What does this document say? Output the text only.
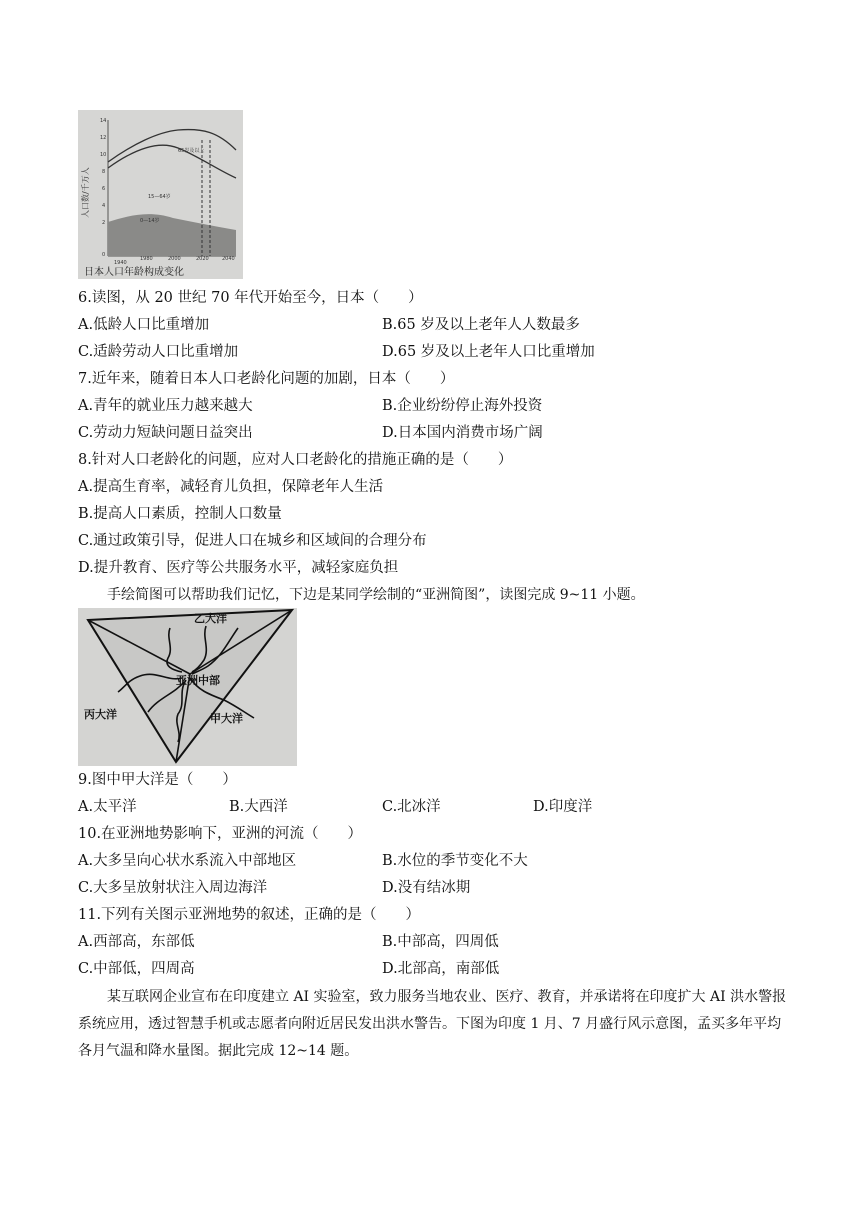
14
12
10
8
6
4
2
0
1940
1980	2000	2020	2040
65岁及以上
15—64岁
0—14岁
人口数/千万人
日本人口年龄构成变化
6.读图，从 20 世纪 70 年代开始至今，日本（　　）
A.低龄人口比重增加	B.65 岁及以上老年人人数最多
C.适龄劳动人口比重增加	D.65 岁及以上老年人口比重增加
7.近年来，随着日本人口老龄化问题的加剧，日本（　　）
A.青年的就业压力越来越大	B.企业纷纷停止海外投资
C.劳动力短缺问题日益突出	D.日本国内消费市场广阔
8.针对人口老龄化的问题，应对人口老龄化的措施正确的是（　　）
A.提高生育率，减轻育儿负担，保障老年人生活
B.提高人口素质，控制人口数量
C.通过政策引导，促进人口在城乡和区域间的合理分布
D.提升教育、医疗等公共服务水平，减轻家庭负担
手绘简图可以帮助我们记忆，下边是某同学绘制的“亚洲简图”，读图完成 9~11 小题。
乙大洋
亚洲中部
丙大洋	甲大洋
9.图中甲大洋是（　　）
A.太平洋	B.大西洋	C.北冰洋	D.印度洋
10.在亚洲地势影响下，亚洲的河流（　　）
A.大多呈向心状水系流入中部地区	B.水位的季节变化不大
C.大多呈放射状注入周边海洋	D.没有结冰期
11.下列有关图示亚洲地势的叙述，正确的是（　　）
A.西部高，东部低	B.中部高，四周低
C.中部低，四周高	D.北部高，南部低
某互联网企业宣布在印度建立 AI 实验室，致力服务当地农业、医疗、教育，并承诺将在印度扩大 AI 洪水警报系统应用，透过智慧手机或志愿者向附近居民发出洪水警告。下图为印度 1 月、7 月盛行风示意图，孟买多年平均各月气温和降水量图。据此完成 12~14 题。
